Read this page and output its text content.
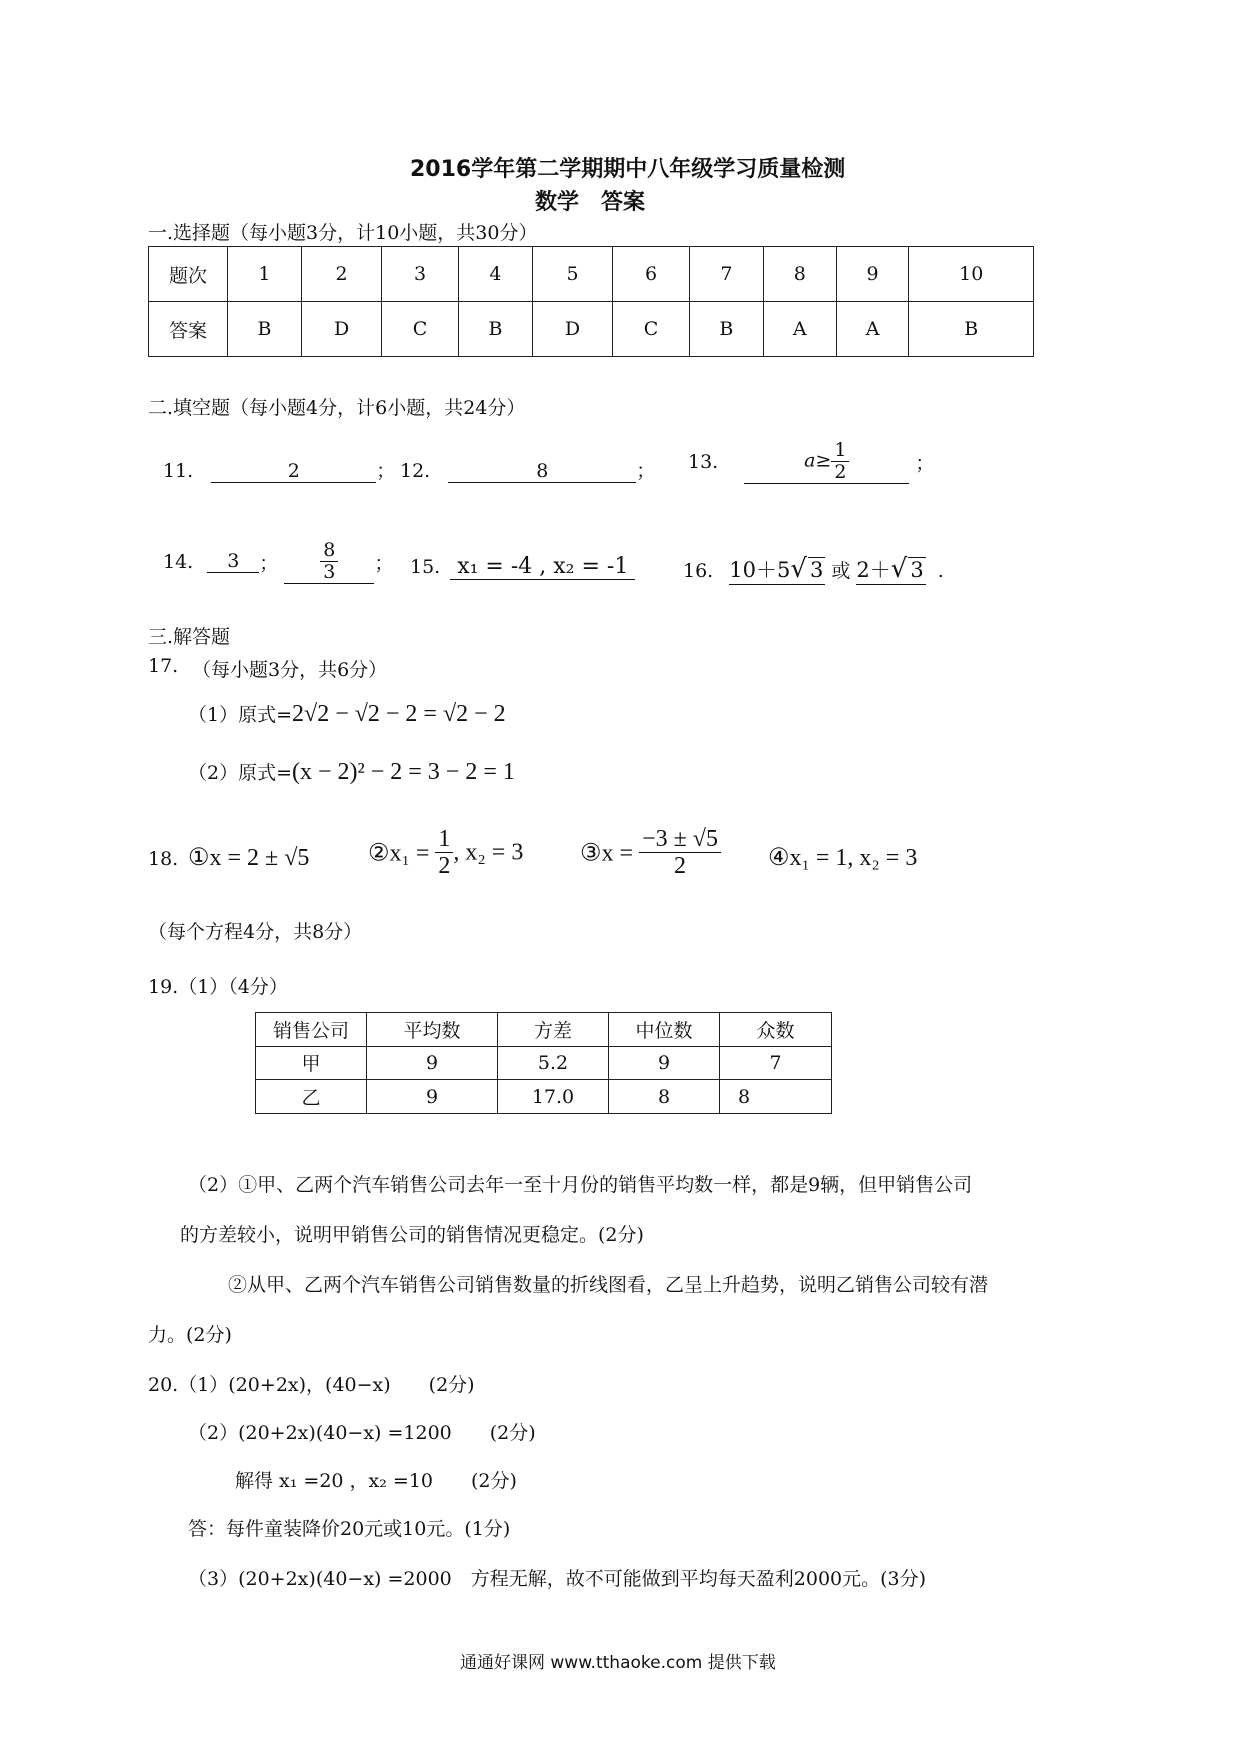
2016学年第二学期期中八年级学习质量检测
数学　答案
一.选择题（每小题3分，计10小题，共30分）
题次	1	2	3	4	5	6	7	8	9	10
答案	B	D	C	B	D	C	B	A	A	B
二.填空题（每小题4分，计6小题，共24分）
11.	2	； 12.	8	； 13.	$a\ge \frac{1}{2}$	；
14. 3 ； $\frac{8}{3}$ ； 15. x₁ = -4 , x₂ = -1	16. 10＋5√ 3 或 2＋√ 3 .
三.解答题
17. （每小题3分，共6分）
（1）原式=2√2 − √2 − 2 = √2 − 2
（2）原式=(x − 2)² − 2 = 3 − 2 = 1
18. ①x = 2 ± √5 ②x₁ = $\frac{1}{2}$ , x₂ = 3 ③x = $\frac{-3 \pm √5}{2}$ ④x₁ = 1, x₂ = 3
（每个方程4分，共8分）
19.（1）（4分）
销售公司	平均数	方差	中位数	众数
甲	9	5.2	9	7
乙	9	17.0	8	8
（2）①甲、乙两个汽车销售公司去年一至十月份的销售平均数一样，都是9辆，但甲销售公司
的方差较小，说明甲销售公司的销售情况更稳定。(2分)
②从甲、乙两个汽车销售公司销售数量的折线图看，乙呈上升趋势，说明乙销售公司较有潜
力。(2分)
20.（1）(20+2x)，(40−x)　　(2分)
（2）(20+2x)(40−x) =1200　　(2分)
解得 x₁ =20 ，x₂ =10　　(2分)
答：每件童装降价20元或10元。(1分)
（3）(20+2x)(40−x) =2000　方程无解，故不可能做到平均每天盈利2000元。(3分)
通通好课网 www.tthaoke.com 提供下载
